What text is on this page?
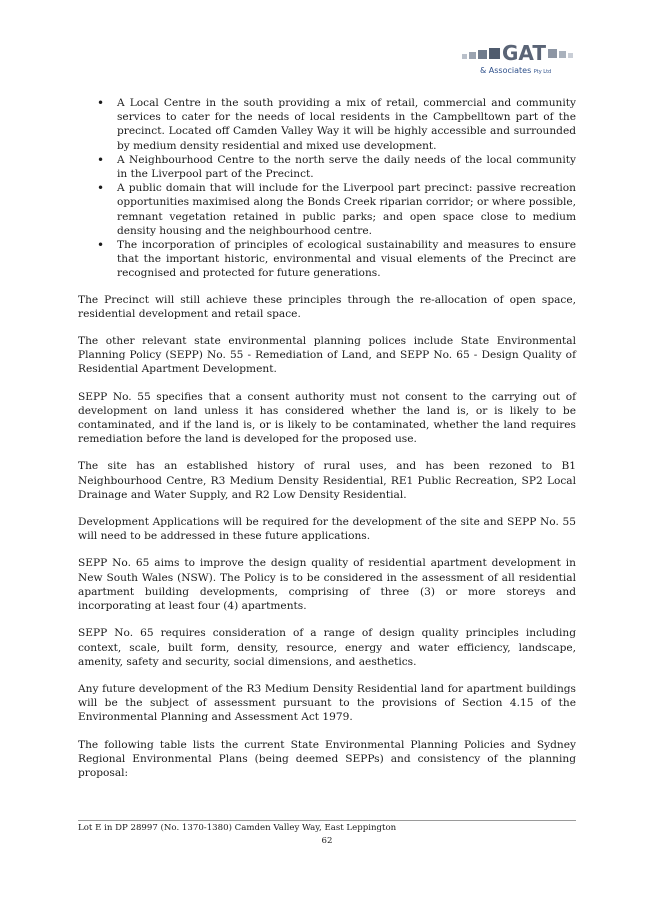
GAT
& Associates Pty Ltd
• A Local Centre in the south providing a mix of retail, commercial and community services to cater for the needs of local residents in the Campbelltown part of the precinct. Located off Camden Valley Way it will be highly accessible and surrounded by medium density residential and mixed use development.
• A Neighbourhood Centre to the north serve the daily needs of the local community in the Liverpool part of the Precinct.
• A public domain that will include for the Liverpool part precinct: passive recreation opportunities maximised along the Bonds Creek riparian corridor; or where possible, remnant vegetation retained in public parks; and open space close to medium density housing and the neighbourhood centre.
• The incorporation of principles of ecological sustainability and measures to ensure that the important historic, environmental and visual elements of the Precinct are recognised and protected for future generations.

The Precinct will still achieve these principles through the re-allocation of open space, residential development and retail space.

The other relevant state environmental planning polices include State Environmental Planning Policy (SEPP) No. 55 - Remediation of Land, and SEPP No. 65 - Design Quality of Residential Apartment Development.

SEPP No. 55 specifies that a consent authority must not consent to the carrying out of development on land unless it has considered whether the land is, or is likely to be contaminated, and if the land is, or is likely to be contaminated, whether the land requires remediation before the land is developed for the proposed use.

The site has an established history of rural uses, and has been rezoned to B1 Neighbourhood Centre, R3 Medium Density Residential, RE1 Public Recreation, SP2 Local Drainage and Water Supply, and R2 Low Density Residential.

Development Applications will be required for the development of the site and SEPP No. 55 will need to be addressed in these future applications.

SEPP No. 65 aims to improve the design quality of residential apartment development in New South Wales (NSW). The Policy is to be considered in the assessment of all residential apartment building developments, comprising of three (3) or more storeys and incorporating at least four (4) apartments.

SEPP No. 65 requires consideration of a range of design quality principles including context, scale, built form, density, resource, energy and water efficiency, landscape, amenity, safety and security, social dimensions, and aesthetics.

Any future development of the R3 Medium Density Residential land for apartment buildings will be the subject of assessment pursuant to the provisions of Section 4.15 of the Environmental Planning and Assessment Act 1979.

The following table lists the current State Environmental Planning Policies and Sydney Regional Environmental Plans (being deemed SEPPs) and consistency of the planning proposal:

Lot E in DP 28997 (No. 1370-1380) Camden Valley Way, East Leppington
62
